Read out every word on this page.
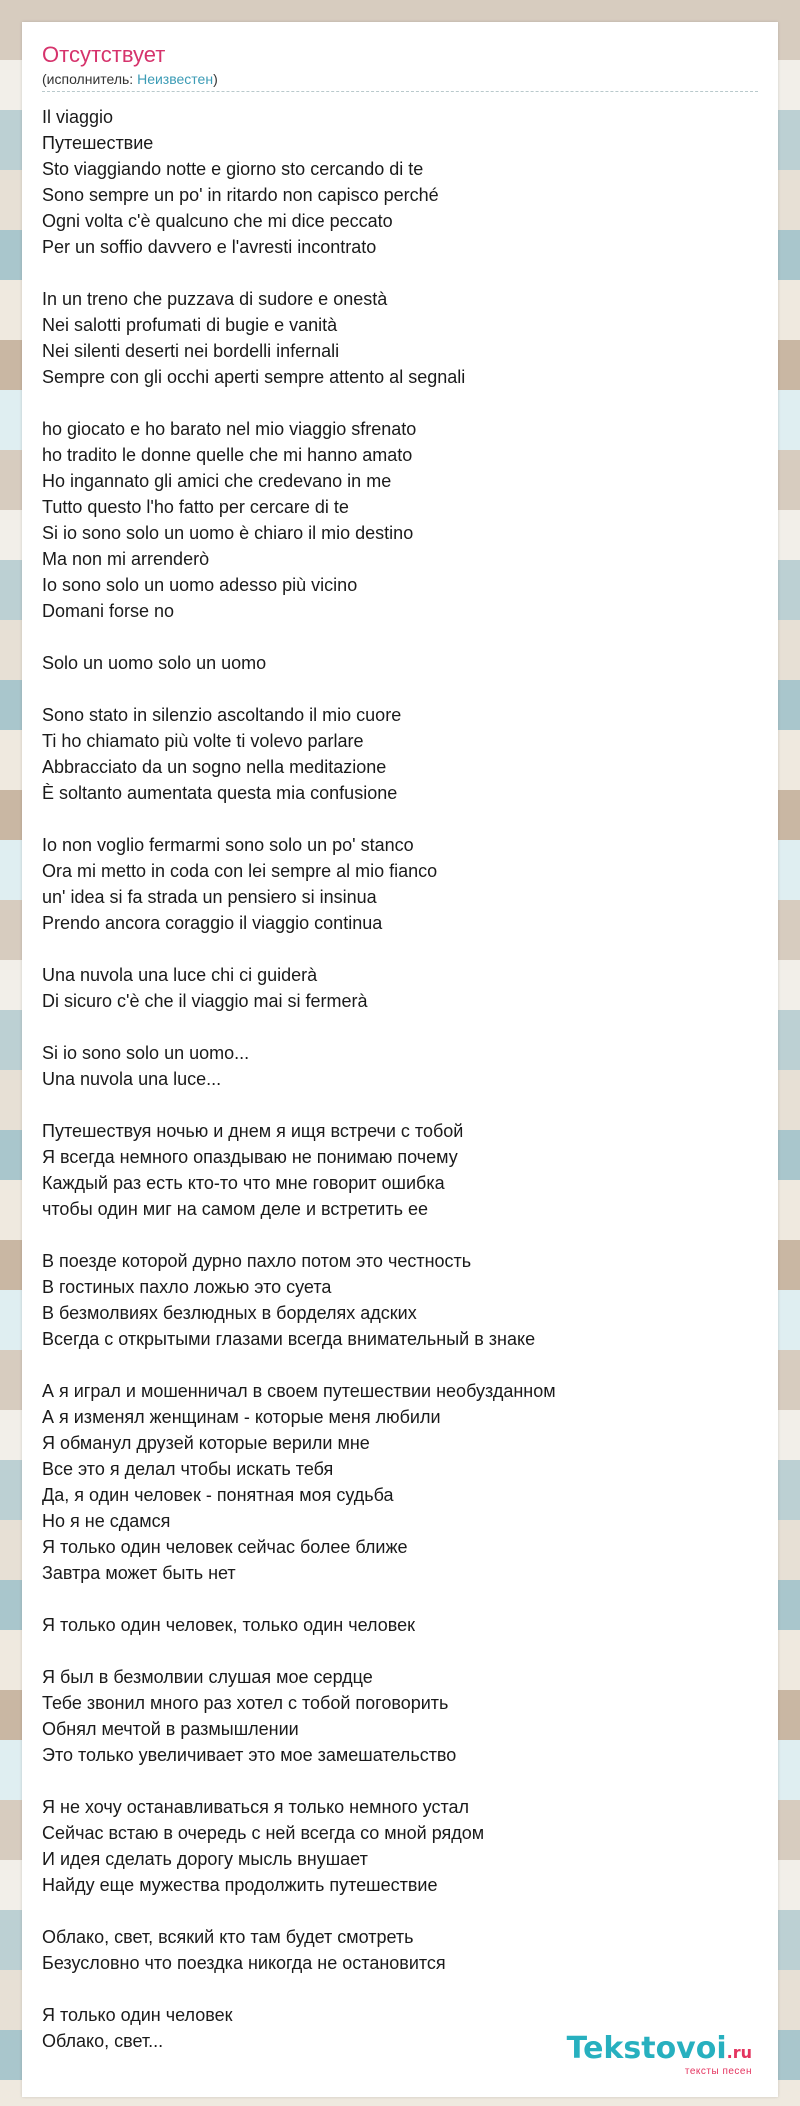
Отсутствует
(исполнитель: Неизвестен)
Il viaggio
Путешествие
Sto viaggiando notte e giorno sto cercando di te
Sono sempre un po' in ritardo non capisco perché
Ogni volta c'è qualcuno che mi dice peccato
Per un soffio davvero e l'avresti incontrato

In un treno che puzzava di sudore e onestà
Nei salotti profumati di bugie e vanità
Nei silenti deserti nei bordelli infernali
Sempre con gli occhi aperti sempre attento al segnali

ho giocato e ho barato nel mio viaggio sfrenato
ho tradito le donne quelle che mi hanno amato
Ho ingannato gli amici che credevano in me
Tutto questo l'ho fatto per cercare di te
Si io sono solo un uomo è chiaro il mio destino
Ma non mi arrenderò
Io sono solo un uomo adesso più vicino
Domani forse no

Solo un uomo solo un uomo

Sono stato in silenzio ascoltando il mio cuore
Ti ho chiamato più volte ti volevo parlare
Abbracciato da un sogno nella meditazione
È soltanto aumentata questa mia confusione

Io non voglio fermarmi sono solo un po' stanco
Ora mi metto in coda con lei sempre al mio fianco
un' idea si fa strada un pensiero si insinua
Prendo ancora coraggio il viaggio continua

Una nuvola una luce chi ci guiderà
Di sicuro c'è che il viaggio mai si fermerà

Si io sono solo un uomo...
Una nuvola una luce...

Путешествуя ночью и днем я ищя встречи с тобой
Я всегда немного опаздываю не понимаю почему
Каждый раз есть кто-то что мне говорит ошибка
чтобы один миг на самом деле и встретить ее

В поезде которой дурно пахло потом это честность
В гостиных пахло ложью это суета
В безмолвиях безлюдных в борделях адских
Всегда с открытыми глазами всегда внимательный в знаке

А я играл и мошенничал в своем путешествии необузданном
А я изменял женщинам - которые меня любили
Я обманул друзей которые верили мне
Все это я делал чтобы искать тебя
Да, я один человек - понятная моя судьба
Но я не сдамся
Я только один человек сейчас более ближе
Завтра может быть нет

Я только один человек, только один человек

Я был в безмолвии слушая мое сердце
Тебе звонил много раз хотел с тобой поговорить
Обнял мечтой в размышлении
Это только увеличивает это мое замешательство

Я не хочу останавливаться я только немного устал
Сейчас встаю в очередь с ней всегда со мной рядом
И идея сделать дорогу мысль внушает
Найду еще мужества продолжить путешествие

Облако, свет, всякий кто там будет смотреть
Безусловно что поездка никогда не остановится

Я только один человек
Облако, свет...	Tekstovoi.ru
тексты песен
